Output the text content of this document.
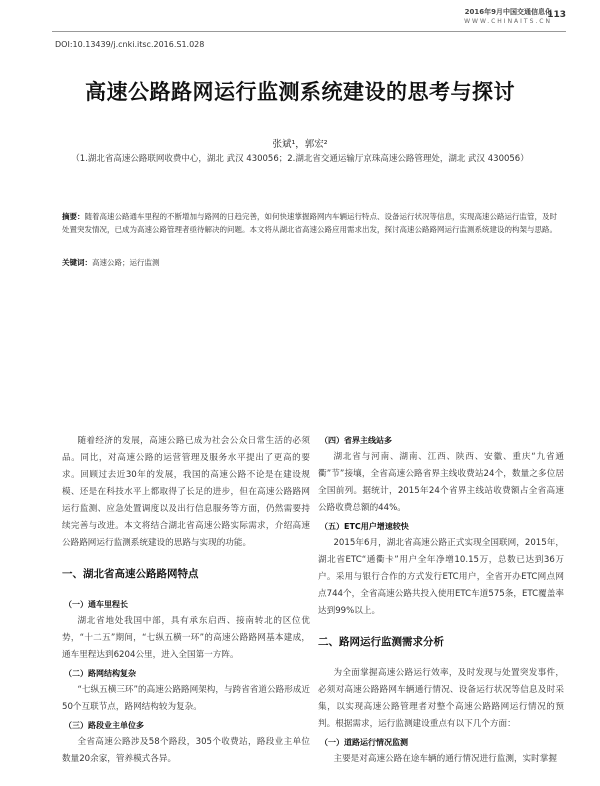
2016年9月中国交通信息化
WWW.CHINAITS.CN
113
DOI:10.13439/j.cnki.itsc.2016.S1.028
高速公路路网运行监测系统建设的思考与探讨
张斌¹，郭宏²
（1.湖北省高速公路联网收费中心，湖北 武汉 430056；2.湖北省交通运输厅京珠高速公路管理处，湖北 武汉 430056）
摘要：随着高速公路通车里程的不断增加与路网的日趋完善，如何快速掌握路网内车辆运行特点、设备运行状况等信息，实现高速公路运行监管，及时处置突发情况，已成为高速公路管理者亟待解决的问题。本文将从湖北省高速公路应用需求出发，探讨高速公路路网运行监测系统建设的构架与思路。
关键词：高速公路；运行监测

随着经济的发展，高速公路已成为社会公众日常生活的必须品。同比，对高速公路的运营管理及服务水平提出了更高的要求。回顾过去近30年的发展，我国的高速公路不论是在建设规模、还是在科技水平上都取得了长足的进步，但在高速公路路网运行监测、应急处置调度以及出行信息服务等方面，仍然需要持续完善与改进。本文将结合湖北省高速公路实际需求，介绍高速公路路网运行监测系统建设的思路与实现的功能。

一、湖北省高速公路路网特点
（一）通车里程长

湖北省地处我国中部，具有承东启西、接南转北的区位优势，“十二五”期间，“七纵五横一环”的高速公路路网基本建成，通车里程达到6204公里，进入全国第一方阵。

（二）路网结构复杂

“七纵五横三环”的高速公路路网架构，与跨省省道公路形成近50个互联节点，路网结构较为复杂。

（三）路段业主单位多

全省高速公路涉及58个路段，305个收费站，路段业主单位数量20余家，管养模式各异。

（四）省界主线站多

湖北省与河南、湖南、江西、陕西、安徽、重庆“九省通衢”节”接壤，全省高速公路省界主线收费站24个，数量之多位居全国前列。据统计，2015年24个省界主线站收费额占全省高速公路收费总额的44%。

（五）ETC用户增速较快

2015年6月，湖北省高速公路正式实现全国联网，2015年，湖北省ETC“通衢卡”用户全年净增10.15万，总数已达到36万户。采用与银行合作的方式发行ETC用户，全省开办ETC网点网点744个，全省高速公路共投入使用ETC车道575条，ETC覆盖率达到99%以上。

二、路网运行监测需求分析

为全面掌握高速公路运行效率，及时发现与处置突发事件，必须对高速公路路网车辆通行情况、设备运行状况等信息及时采集，以实现高速公路管理者对整个高速公路路网运行情况的预判。根据需求，运行监测建设重点有以下几个方面：

（一）道路运行情况监测

主要是对高速公路在途车辆的通行情况进行监测，实时掌握
